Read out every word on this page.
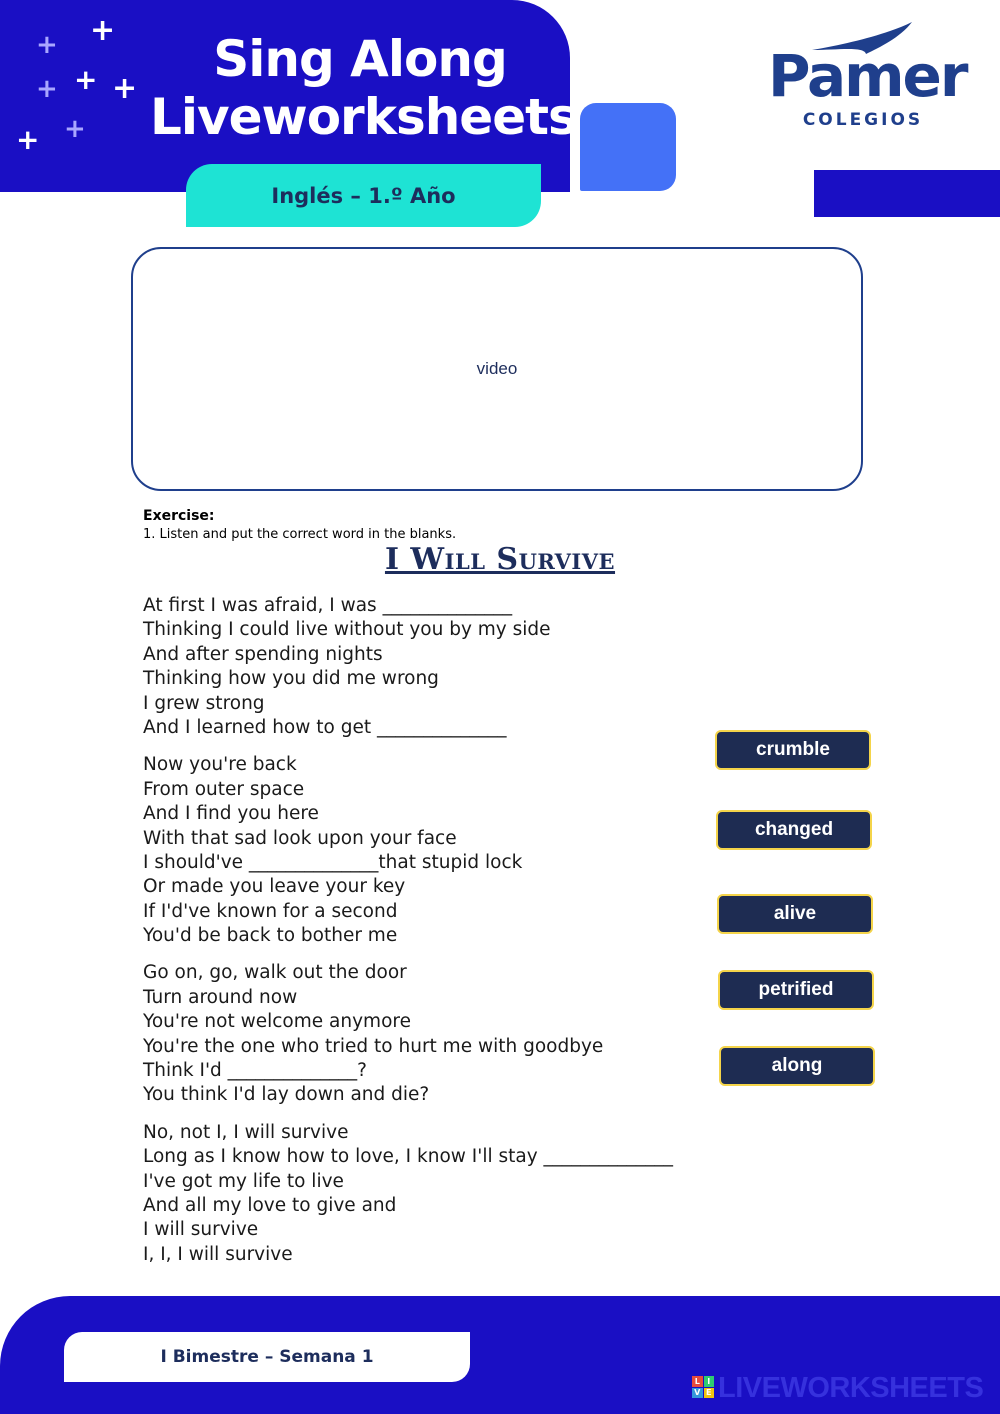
+
+
+
+ +
+
+
Sing Along
Liveworksheets
Inglés – 1.º Año
Pamer
COLEGIOS
video
Exercise:
1. Listen and put the correct word in the blanks.
I Will Survive
At first I was afraid, I was ______________
Thinking I could live without you by my side
And after spending nights
Thinking how you did me wrong
I grew strong
And I learned how to get ______________
Now you're back
From outer space
And I find you here
With that sad look upon your face
I should've ______________that stupid lock
Or made you leave your key
If I'd've known for a second
You'd be back to bother me
Go on, go, walk out the door
Turn around now
You're not welcome anymore
You're the one who tried to hurt me with goodbye
Think I'd ______________?
You think I'd lay down and die?
No, not I, I will survive
Long as I know how to love, I know I'll stay ______________
I've got my life to live
And all my love to give and
I will survive
I, I, I will survive
crumble
changed
alive
petrified
along
I Bimestre – Semana 1
L I
V E LIVEWORKSHEETS
